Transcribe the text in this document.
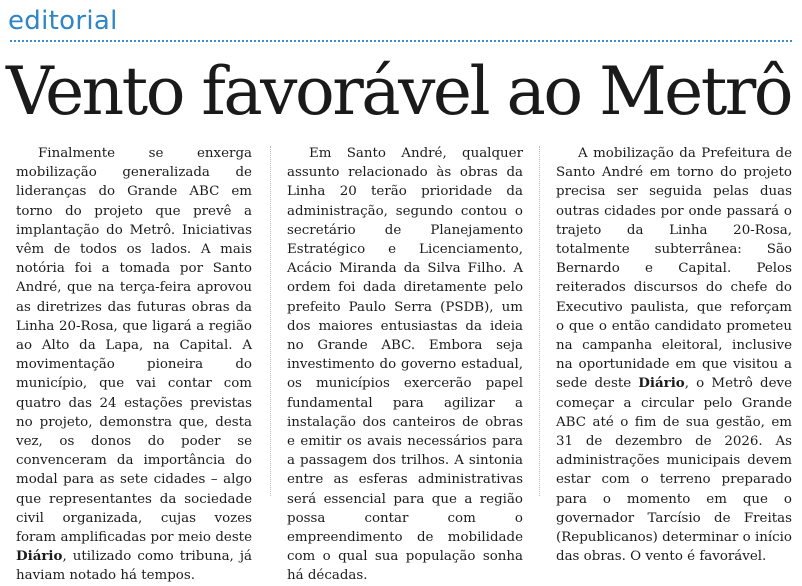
editorial
Vento favorável ao Metrô

Finalmente se enxerga mobilização generalizada de lideranças do Grande ABC em torno do projeto que prevê a implantação do Metrô. Iniciativas vêm de todos os lados. A mais notória foi a tomada por Santo André, que na terça-feira aprovou as diretrizes das futuras obras da Linha 20-Rosa, que ligará a região ao Alto da Lapa, na Capital. A movimentação pioneira do município, que vai contar com quatro das 24 estações previstas no projeto, demonstra que, desta vez, os donos do poder se convenceram da importância do modal para as sete cidades – algo que representantes da sociedade civil organizada, cujas vozes foram amplificadas por meio deste Diário, utilizado como tribuna, já haviam notado há tempos.

Em Santo André, qualquer assunto relacionado às obras da Linha 20 terão prioridade da administração, segundo contou o secretário de Planejamento Estratégico e Licenciamento, Acácio Miranda da Silva Filho. A ordem foi dada diretamente pelo prefeito Paulo Serra (PSDB), um dos maiores entusiastas da ideia no Grande ABC. Embora seja investimento do governo estadual, os municípios exercerão papel fundamental para agilizar a instalação dos canteiros de obras e emitir os avais necessários para a passagem dos trilhos. A sintonia entre as esferas administrativas será essencial para que a região possa contar com o empreendimento de mobilidade com o qual sua população sonha há décadas.

A mobilização da Prefeitura de Santo André em torno do projeto precisa ser seguida pelas duas outras cidades por onde passará o trajeto da Linha 20-Rosa, totalmente subterrânea: São Bernardo e Capital. Pelos reiterados discursos do chefe do Executivo paulista, que reforçam o que o então candidato prometeu na campanha eleitoral, inclusive na oportunidade em que visitou a sede deste Diário, o Metrô deve começar a circular pelo Grande ABC até o fim de sua gestão, em 31 de dezembro de 2026. As administrações municipais devem estar com o terreno preparado para o momento em que o governador Tarcísio de Freitas (Republicanos) determinar o início das obras. O vento é favorável.
